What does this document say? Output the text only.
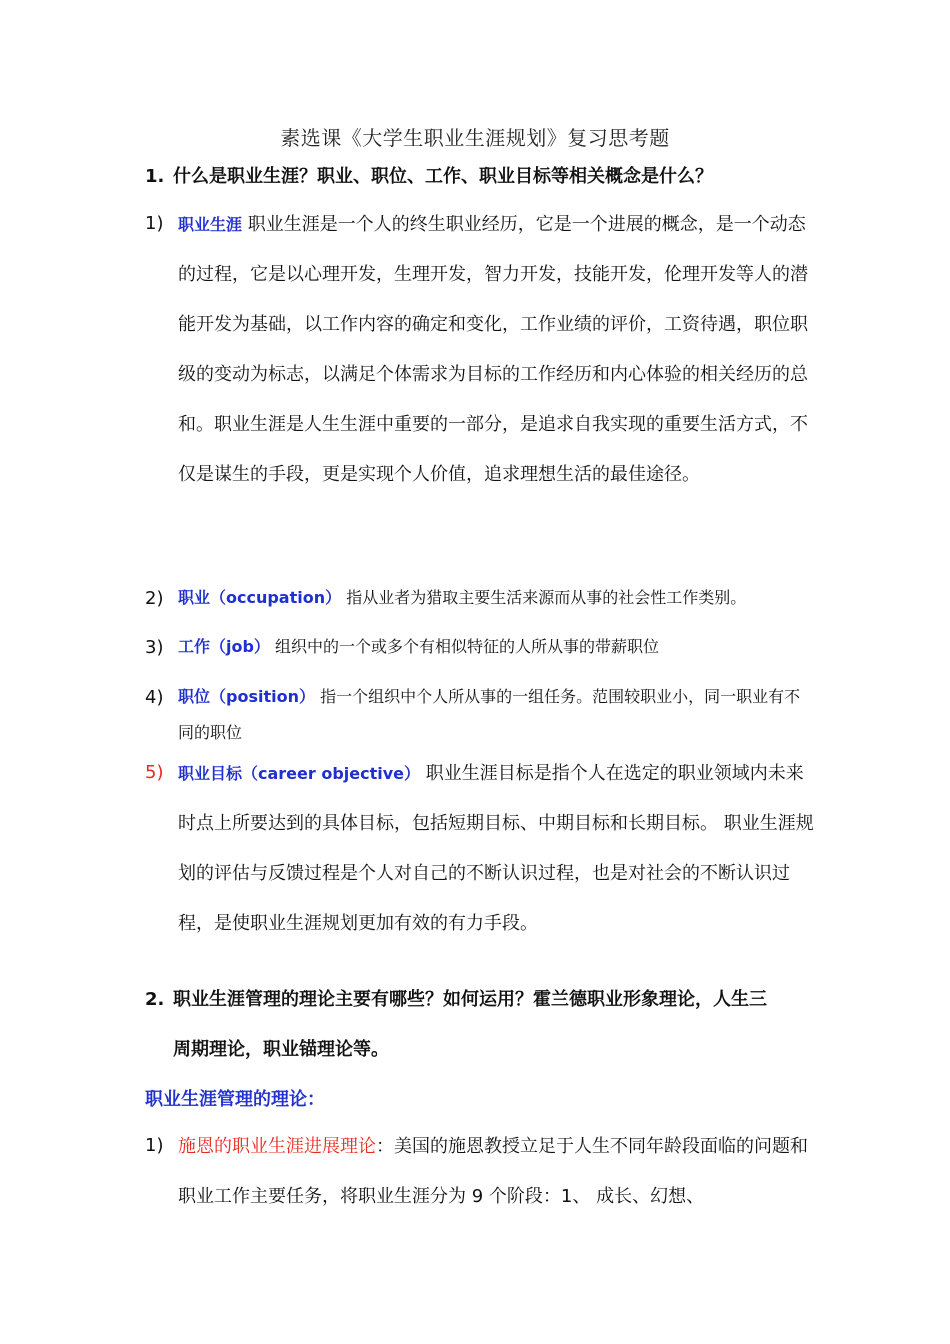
素选课《大学生职业生涯规划》复习思考题
1. 什么是职业生涯？职业、职位、工作、职业目标等相关概念是什么？
1) 职业生涯 职业生涯是一个人的终生职业经历，它是一个进展的概念，是一个动态的过程，它是以心理开发，生理开发，智力开发，技能开发，伦理开发等人的潜能开发为基础，以工作内容的确定和变化，工作业绩的评价，工资待遇，职位职级的变动为标志，以满足个体需求为目标的工作经历和内心体验的相关经历的总和。职业生涯是人生生涯中重要的一部分，是追求自我实现的重要生活方式，不仅是谋生的手段，更是实现个人价值，追求理想生活的最佳途径。
2) 职业（occupation） 指从业者为猎取主要生活来源而从事的社会性工作类别。
3) 工作（job） 组织中的一个或多个有相似特征的人所从事的带薪职位
4) 职位（position） 指一个组织中个人所从事的一组任务。范围较职业小，同一职业有不同的职位
5) 职业目标（career objective） 职业生涯目标是指个人在选定的职业领域内未来时点上所要达到的具体目标，包括短期目标、中期目标和长期目标。 职业生涯规划的评估与反馈过程是个人对自己的不断认识过程，也是对社会的不断认识过程，是使职业生涯规划更加有效的有力手段。
2. 职业生涯管理的理论主要有哪些？如何运用？霍兰德职业形象理论，人生三
周期理论，职业锚理论等。
职业生涯管理的理论：
1) 施恩的职业生涯进展理论：美国的施恩教授立足于人生不同年龄段面临的问题和职业工作主要任务，将职业生涯分为 9 个阶段：1、 成长、幻想、
